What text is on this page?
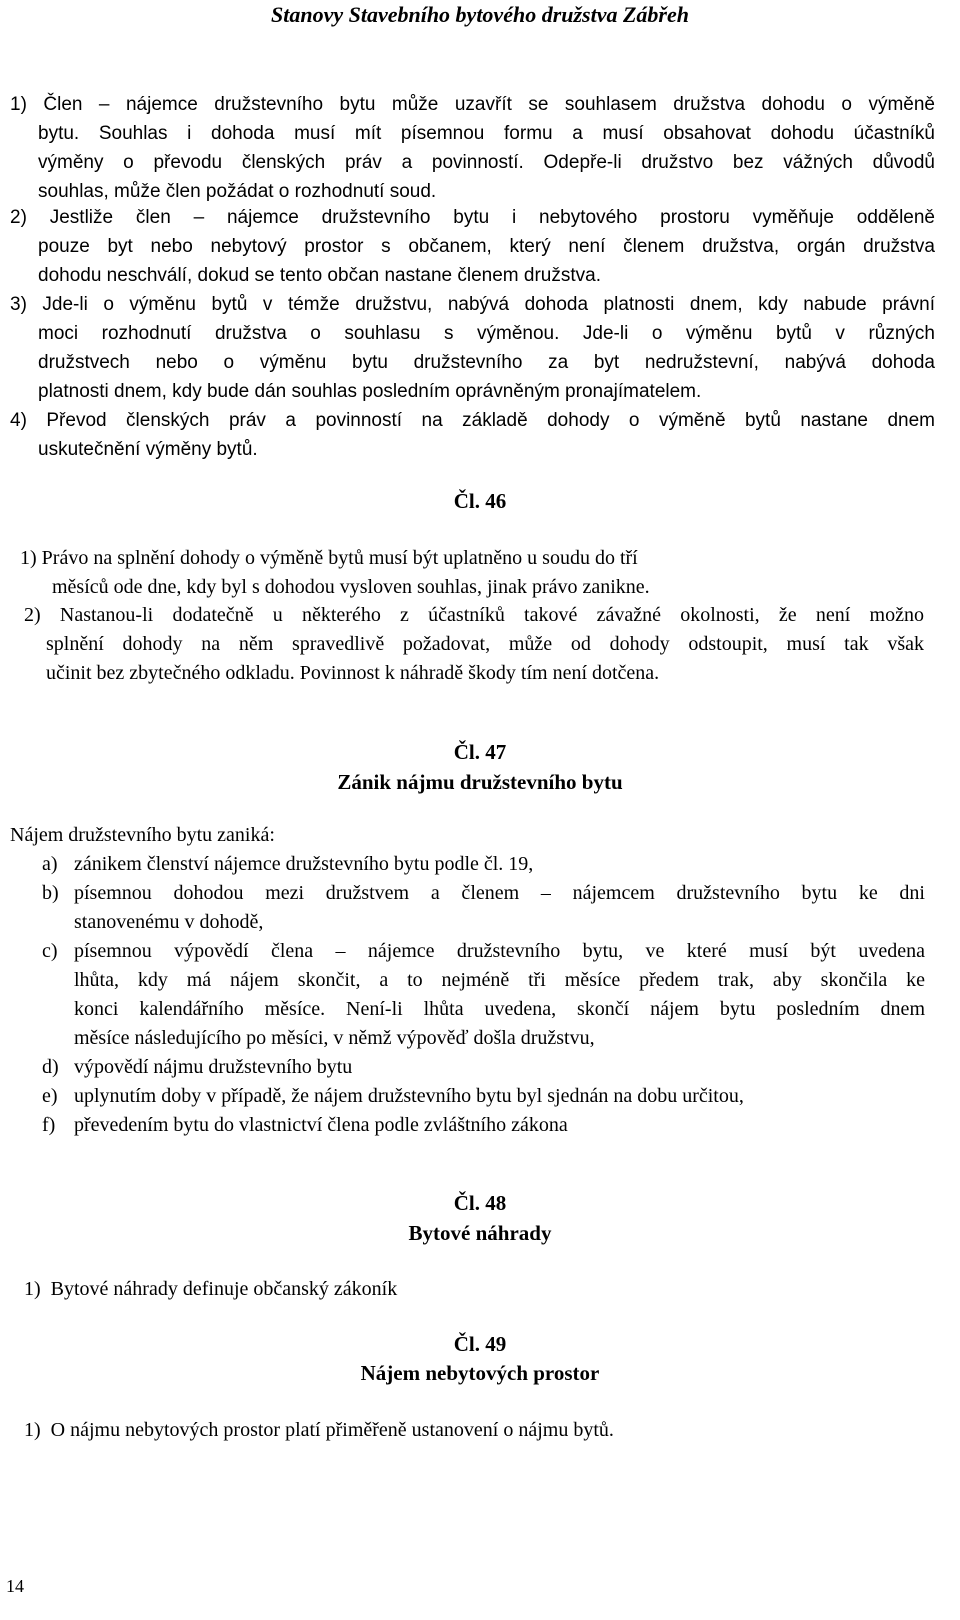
Stanovy Stavebního bytového družstva Zábřeh
1) Člen – nájemce družstevního bytu může uzavřít se souhlasem družstva dohodu o výměně
bytu. Souhlas i dohoda musí mít písemnou formu a musí obsahovat dohodu účastníků
výměny o převodu členských práv a povinností. Odepře-li družstvo bez vážných důvodů
souhlas, může člen požádat o rozhodnutí soud.
2) Jestliže člen – nájemce družstevního bytu i nebytového prostoru vyměňuje odděleně
pouze byt nebo nebytový prostor s občanem, který není členem družstva, orgán družstva
dohodu neschválí, dokud se tento občan nastane členem družstva.
3) Jde-li o výměnu bytů v témže družstvu, nabývá dohoda platnosti dnem, kdy nabude právní
moci rozhodnutí družstva o souhlasu s výměnou. Jde-li o výměnu bytů v různých
družstvech nebo o výměnu bytu družstevního za byt nedružstevní, nabývá dohoda
platnosti dnem, kdy bude dán souhlas posledním oprávněným pronajímatelem.
4) Převod členských práv a povinností na základě dohody o výměně bytů nastane dnem
uskutečnění výměny bytů.
Čl. 46
1) Právo na splnění dohody o výměně bytů musí být uplatněno u soudu do tří
měsíců ode dne, kdy byl s dohodou vysloven souhlas, jinak právo zanikne.
2) Nastanou-li dodatečně u některého z účastníků takové závažné okolnosti, že není možno
splnění dohody na něm spravedlivě požadovat, může od dohody odstoupit, musí tak však
učinit bez zbytečného odkladu. Povinnost k náhradě škody tím není dotčena.
Čl. 47
Zánik nájmu družstevního bytu
Nájem družstevního bytu zaniká:
a) zánikem členství nájemce družstevního bytu podle čl. 19,
b) písemnou dohodou mezi družstvem a členem – nájemcem družstevního bytu ke dni
stanovenému v dohodě,
c) písemnou výpovědí člena – nájemce družstevního bytu, ve které musí být uvedena
lhůta, kdy má nájem skončit, a to nejméně tři měsíce předem trak, aby skončila ke
konci kalendářního měsíce. Není-li lhůta uvedena, skončí nájem bytu posledním dnem
měsíce následujícího po měsíci, v němž výpověď došla družstvu,
d) výpovědí nájmu družstevního bytu
e) uplynutím doby v případě, že nájem družstevního bytu byl sjednán na dobu určitou,
f) převedením bytu do vlastnictví člena podle zvláštního zákona
Čl. 48
Bytové náhrady
1)  Bytové náhrady definuje občanský zákoník
Čl. 49
Nájem nebytových prostor
1)  O nájmu nebytových prostor platí přiměřeně ustanovení o nájmu bytů.
14
